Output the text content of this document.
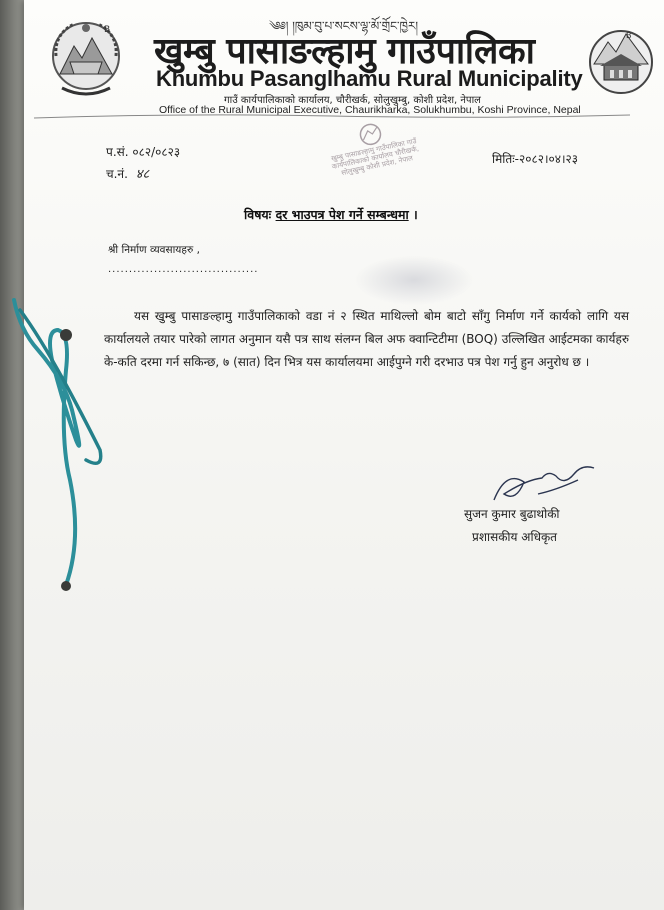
B
B

༄༅། །ཁུམ་བུ་པ་སངས་ལྷ་མོ་གྲོང་ཁྱེར།

खुम्बु पासाङल्हामु गाउँपालिका

Khumbu Pasanglhamu Rural Municipality

गाउँ कार्यपालिकाको कार्यालय, चौरीखर्क, सोलुखुम्बु, कोशी प्रदेश, नेपाल

Office of the Rural Municipal Executive, Chaurikharka, Solukhumbu, Koshi Province, Nepal

प.सं. ०८२/०८२३

च.नं. ४८

मितिः-२०८२।०४।२३

खुम्बु पासाङल्हामु गाउँपालिका गाउँ कार्यपालिकाको कार्यालय चौरीखर्क, सोलुखुम्बु कोशी प्रदेश, नेपाल

विषयः दर भाउपत्र पेश गर्ने सम्बन्धमा ।

श्री निर्माण व्यवसायहरु ,

....................................

यस खुम्बु पासाङल्हामु गाउँपालिकाको वडा नं २ स्थित माथिल्लो बोम बाटो साँगु निर्माण गर्ने कार्यको लागि यस कार्यालयले तयार पारेको लागत अनुमान यसै पत्र साथ संलग्न बिल अफ क्वान्टिटीमा (BOQ) उल्लिखित आईटमका कार्यहरु के-कति दरमा गर्न सकिन्छ, ७ (सात) दिन भित्र यस कार्यालयमा आईपुग्ने गरी दरभाउ पत्र पेश गर्नु हुन अनुरोध छ ।

सुजन कुमार बुढाथोकी

प्रशासकीय अधिकृत
